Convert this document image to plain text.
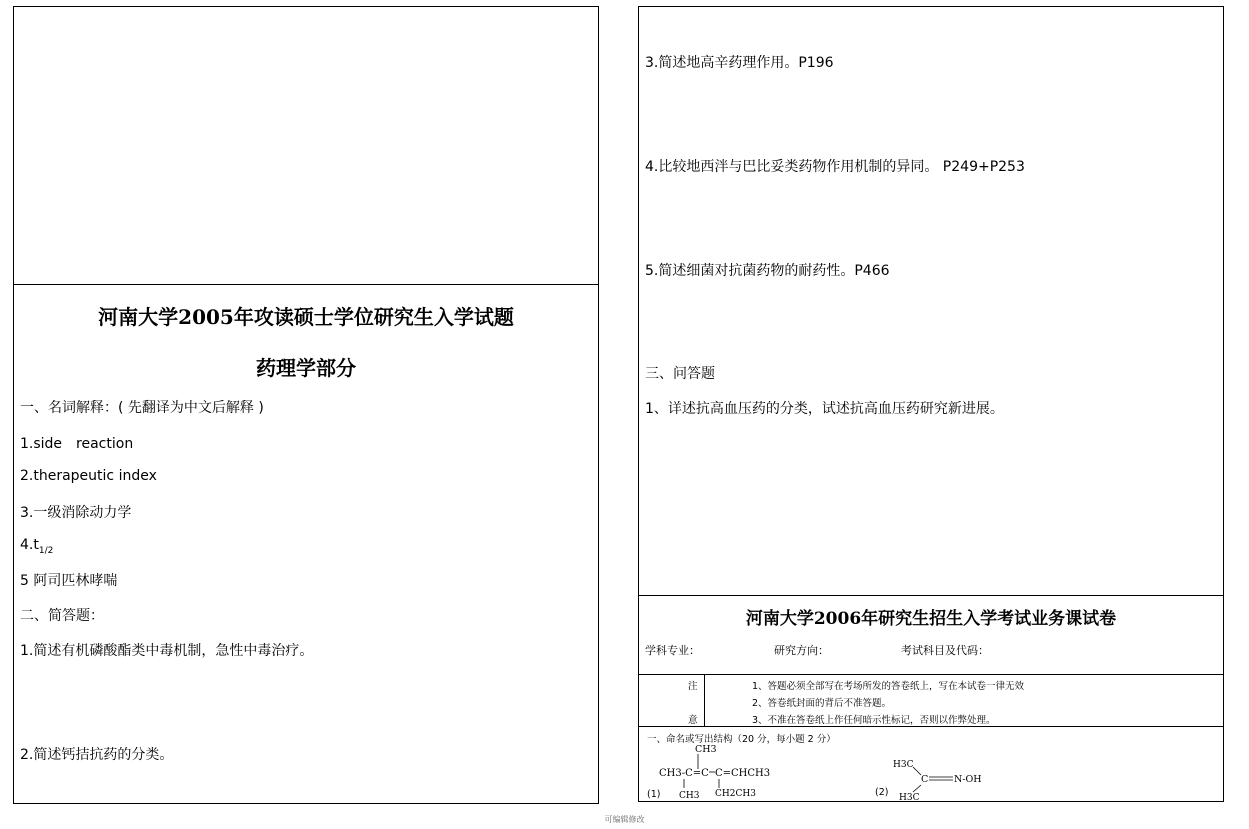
河南大学2005年攻读硕士学位研究生入学试题
药理学部分
一、名词解释：( 先翻译为中文后解释 )
1.side　reaction
2.therapeutic index
3.一级消除动力学
$4.t_{1/2}$
5 阿司匹林哮喘
二、简答题：
1.简述有机磷酸酯类中毒机制，急性中毒治疗。
2.简述钙拮抗药的分类。
3.简述地高辛药理作用。P196
4.比较地西泮与巴比妥类药物作用机制的异同。 P249+P253
5.简述细菌对抗菌药物的耐药性。P466
三、问答题
1、详述抗高血压药的分类，试述抗高血压药研究新进展。
河南大学2006年研究生招生入学考试业务课试卷
学科专业：	研究方向：	考试科目及代码：
注
意
1、答题必须全部写在考场所发的答卷纸上，写在本试卷一律无效
2、答卷纸封面的背后不准答题。
3、不准在答卷纸上作任何暗示性标记，否则以作弊处理。
一、命名或写出结构（20 分，每小题 2 分）
(1)	(2)
CH3
CH3-C=C C=CHCH3
CH3 CH2CH3
H3C
C	N-OH
H3C
可编辑修改
